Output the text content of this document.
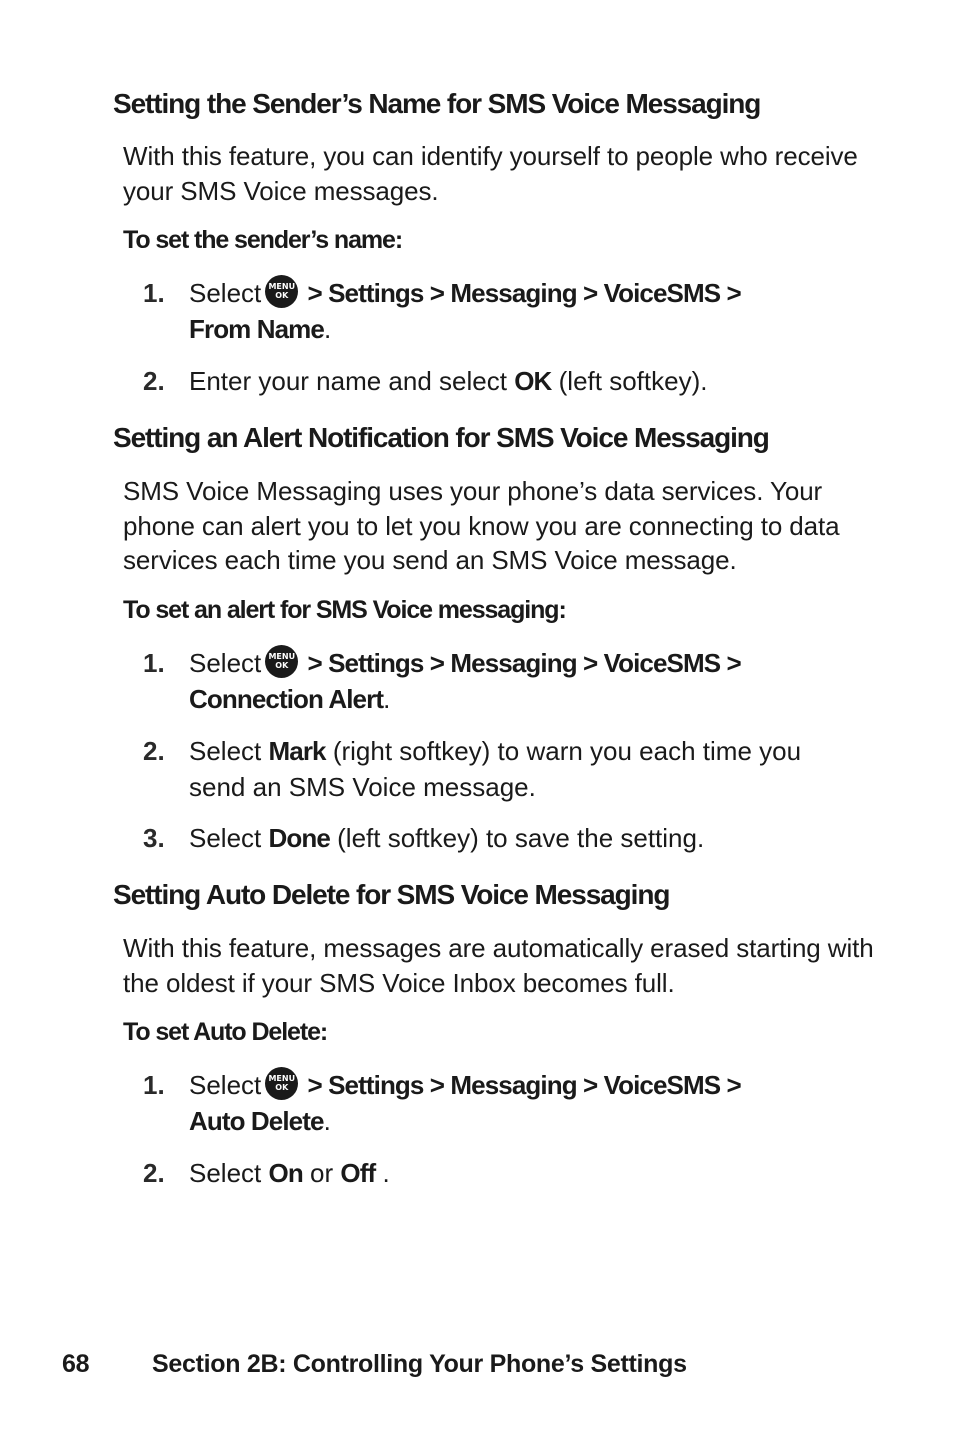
Setting the Sender’s Name for SMS Voice Messaging

With this feature, you can identify yourself to people who receive your SMS Voice messages.

To set the sender’s name:
1. Select MENU
OK > Settings > Messaging > VoiceSMS >
From Name.
2. Enter your name and select OK (left softkey).
Setting an Alert Notification for SMS Voice Messaging

SMS Voice Messaging uses your phone’s data services. Your phone can alert you to let you know you are connecting to data services each time you send an SMS Voice message.

To set an alert for SMS Voice messaging:
1. Select MENU
OK > Settings > Messaging > VoiceSMS >
Connection Alert.
2. Select Mark (right softkey) to warn you each time you send an SMS Voice message.
3. Select Done (left softkey) to save the setting.
Setting Auto Delete for SMS Voice Messaging

With this feature, messages are automatically erased starting with the oldest if your SMS Voice Inbox becomes full.

To set Auto Delete:
1. Select MENU
OK > Settings > Messaging > VoiceSMS >
Auto Delete.
2. Select On or Off .
68	Section 2B: Controlling Your Phone’s Settings
